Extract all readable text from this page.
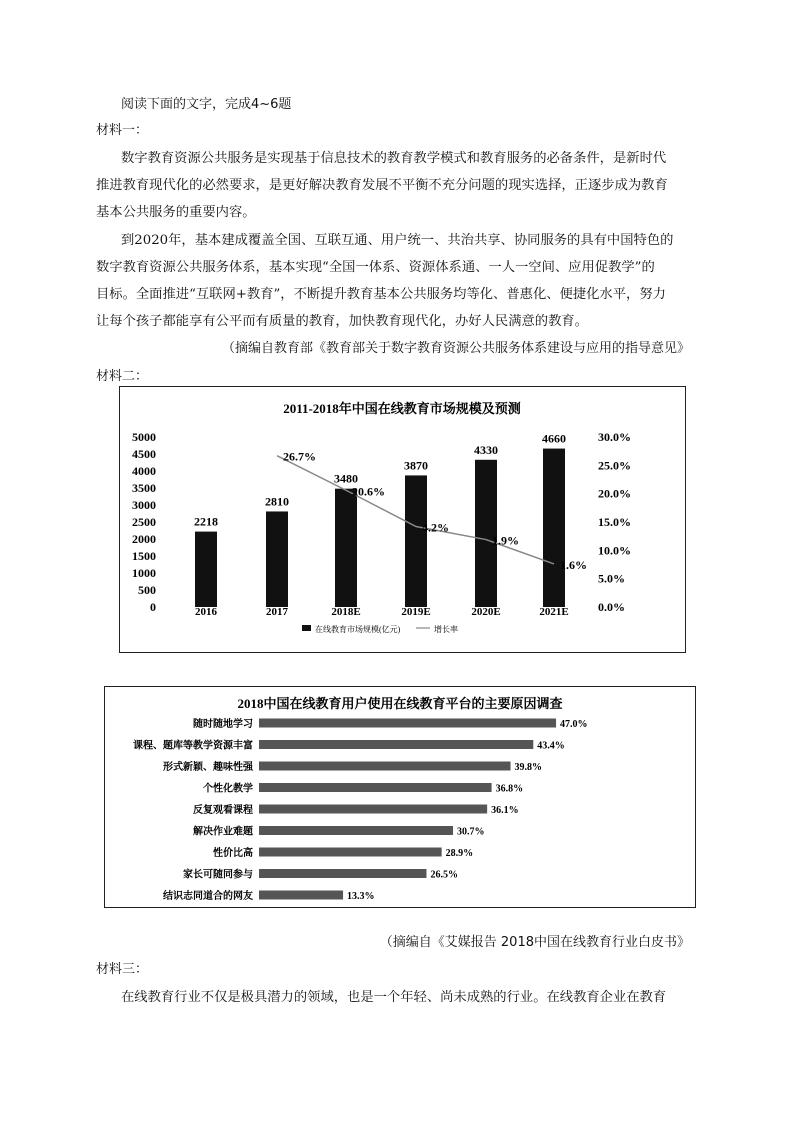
阅读下面的文字，完成4~6题
材料一：
数字教育资源公共服务是实现基于信息技术的教育教学模式和教育服务的必备条件，是新时代
推进教育现代化的必然要求，是更好解决教育发展不平衡不充分问题的现实选择，正逐步成为教育
基本公共服务的重要内容。
到2020年，基本建成覆盖全国、互联互通、用户统一、共治共享、协同服务的具有中国特色的
数字教育资源公共服务体系，基本实现“全国一体系、资源体系通、一人一空间、应用促教学”的
目标。全面推进“互联网+教育”，不断提升教育基本公共服务均等化、普惠化、便捷化水平，努力
让每个孩子都能享有公平而有质量的教育，加快教育现代化，办好人民满意的教育。
（摘编自教育部《教育部关于数字教育资源公共服务体系建设与应用的指导意见》
材料二：
2011-2018年中国在线教育市场规模及预测
5000
4500
4000
3500
3000
2500
2000
1500
1000
500
0
30.0%
25.0%
20.0%
15.0%
10.0%
5.0%
0.0%
2218
2016
2810
2017
3480
2018E
3870
2019E
4330
2020E
4660
2021E
26.7%
20.6%
4.2%
1.9%
1.6%
在线教育市场规模(亿元)	增长率
2018中国在线教育用户使用在线教育平台的主要原因调查
随时随地学习	47.0%
课程、题库等教学资源丰富	43.4%
形式新颖、趣味性强	39.8%
个性化教学	36.8%
反复观看课程	36.1%
解决作业难题	30.7%
性价比高	28.9%
家长可随同参与	26.5%
结识志同道合的网友	13.3%
（摘编自《艾媒报告 2018中国在线教育行业白皮书》
材料三：
在线教育行业不仅是极具潜力的领域，也是一个年轻、尚未成熟的行业。在线教育企业在教育
